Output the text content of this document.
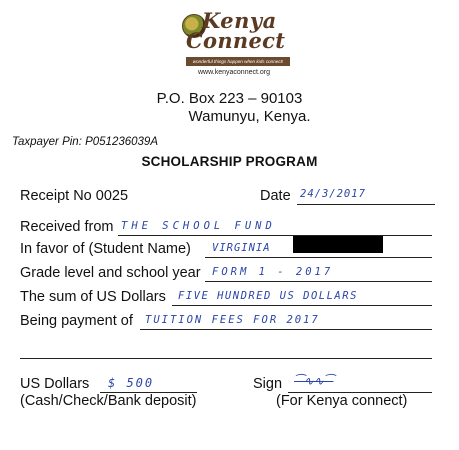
Kenya
Connect
wonderful things happen when kids connect!
www.kenyaconnect.org
P.O. Box 223 – 90103
Wamunyu, Kenya.
Taxpayer Pin: P051236039A
SCHOLARSHIP PROGRAM
Receipt No 0025	Date 24/3/2017
Received from THE SCHOOL FUND
In favor of (Student Name) VIRGINIA
Grade level and school year FORM 1 - 2017
The sum of US Dollars FIVE HUNDRED US DOLLARS
Being payment of TUITION FEES FOR 2017
US Dollars $ 500
(Cash/Check/Bank deposit)
Sign ⁀∿∿⁀
(For Kenya connect)
